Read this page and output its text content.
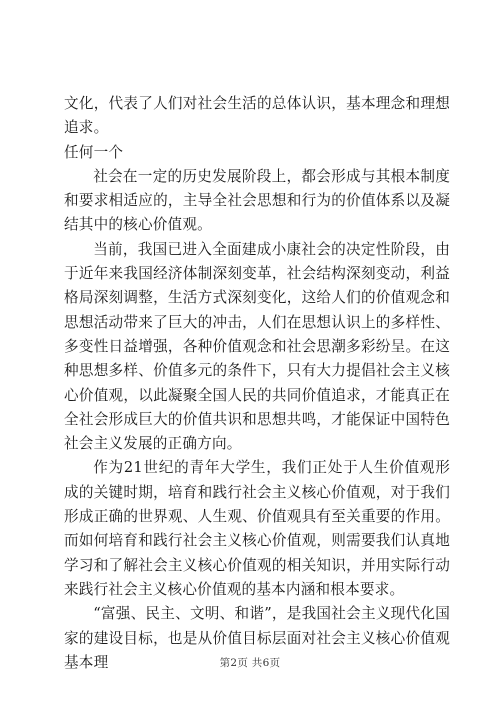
文化，代表了人们对社会生活的总体认识，基本理念和理想追求。

任何一个

社会在一定的历史发展阶段上，都会形成与其根本制度和要求相适应的，主导全社会思想和行为的价值体系以及凝结其中的核心价值观。

当前，我国已进入全面建成小康社会的决定性阶段，由于近年来我国经济体制深刻变革，社会结构深刻变动，利益格局深刻调整，生活方式深刻变化，这给人们的价值观念和思想活动带来了巨大的冲击，人们在思想认识上的多样性、多变性日益增强，各种价值观念和社会思潮多彩纷呈。在这种思想多样、价值多元的条件下，只有大力提倡社会主义核心价值观，以此凝聚全国人民的共同价值追求，才能真正在全社会形成巨大的价值共识和思想共鸣，才能保证中国特色社会主义发展的正确方向。

作为21世纪的青年大学生，我们正处于人生价值观形成的关键时期，培育和践行社会主义核心价值观，对于我们形成正确的世界观、人生观、价值观具有至关重要的作用。而如何培育和践行社会主义核心价值观，则需要我们认真地学习和了解社会主义核心价值观的相关知识，并用实际行动来践行社会主义核心价值观的基本内涵和根本要求。

“富强、民主、文明、和谐”，是我国社会主义现代化国家的建设目标，也是从价值目标层面对社会主义核心价值观基本理	第2页 共6页
